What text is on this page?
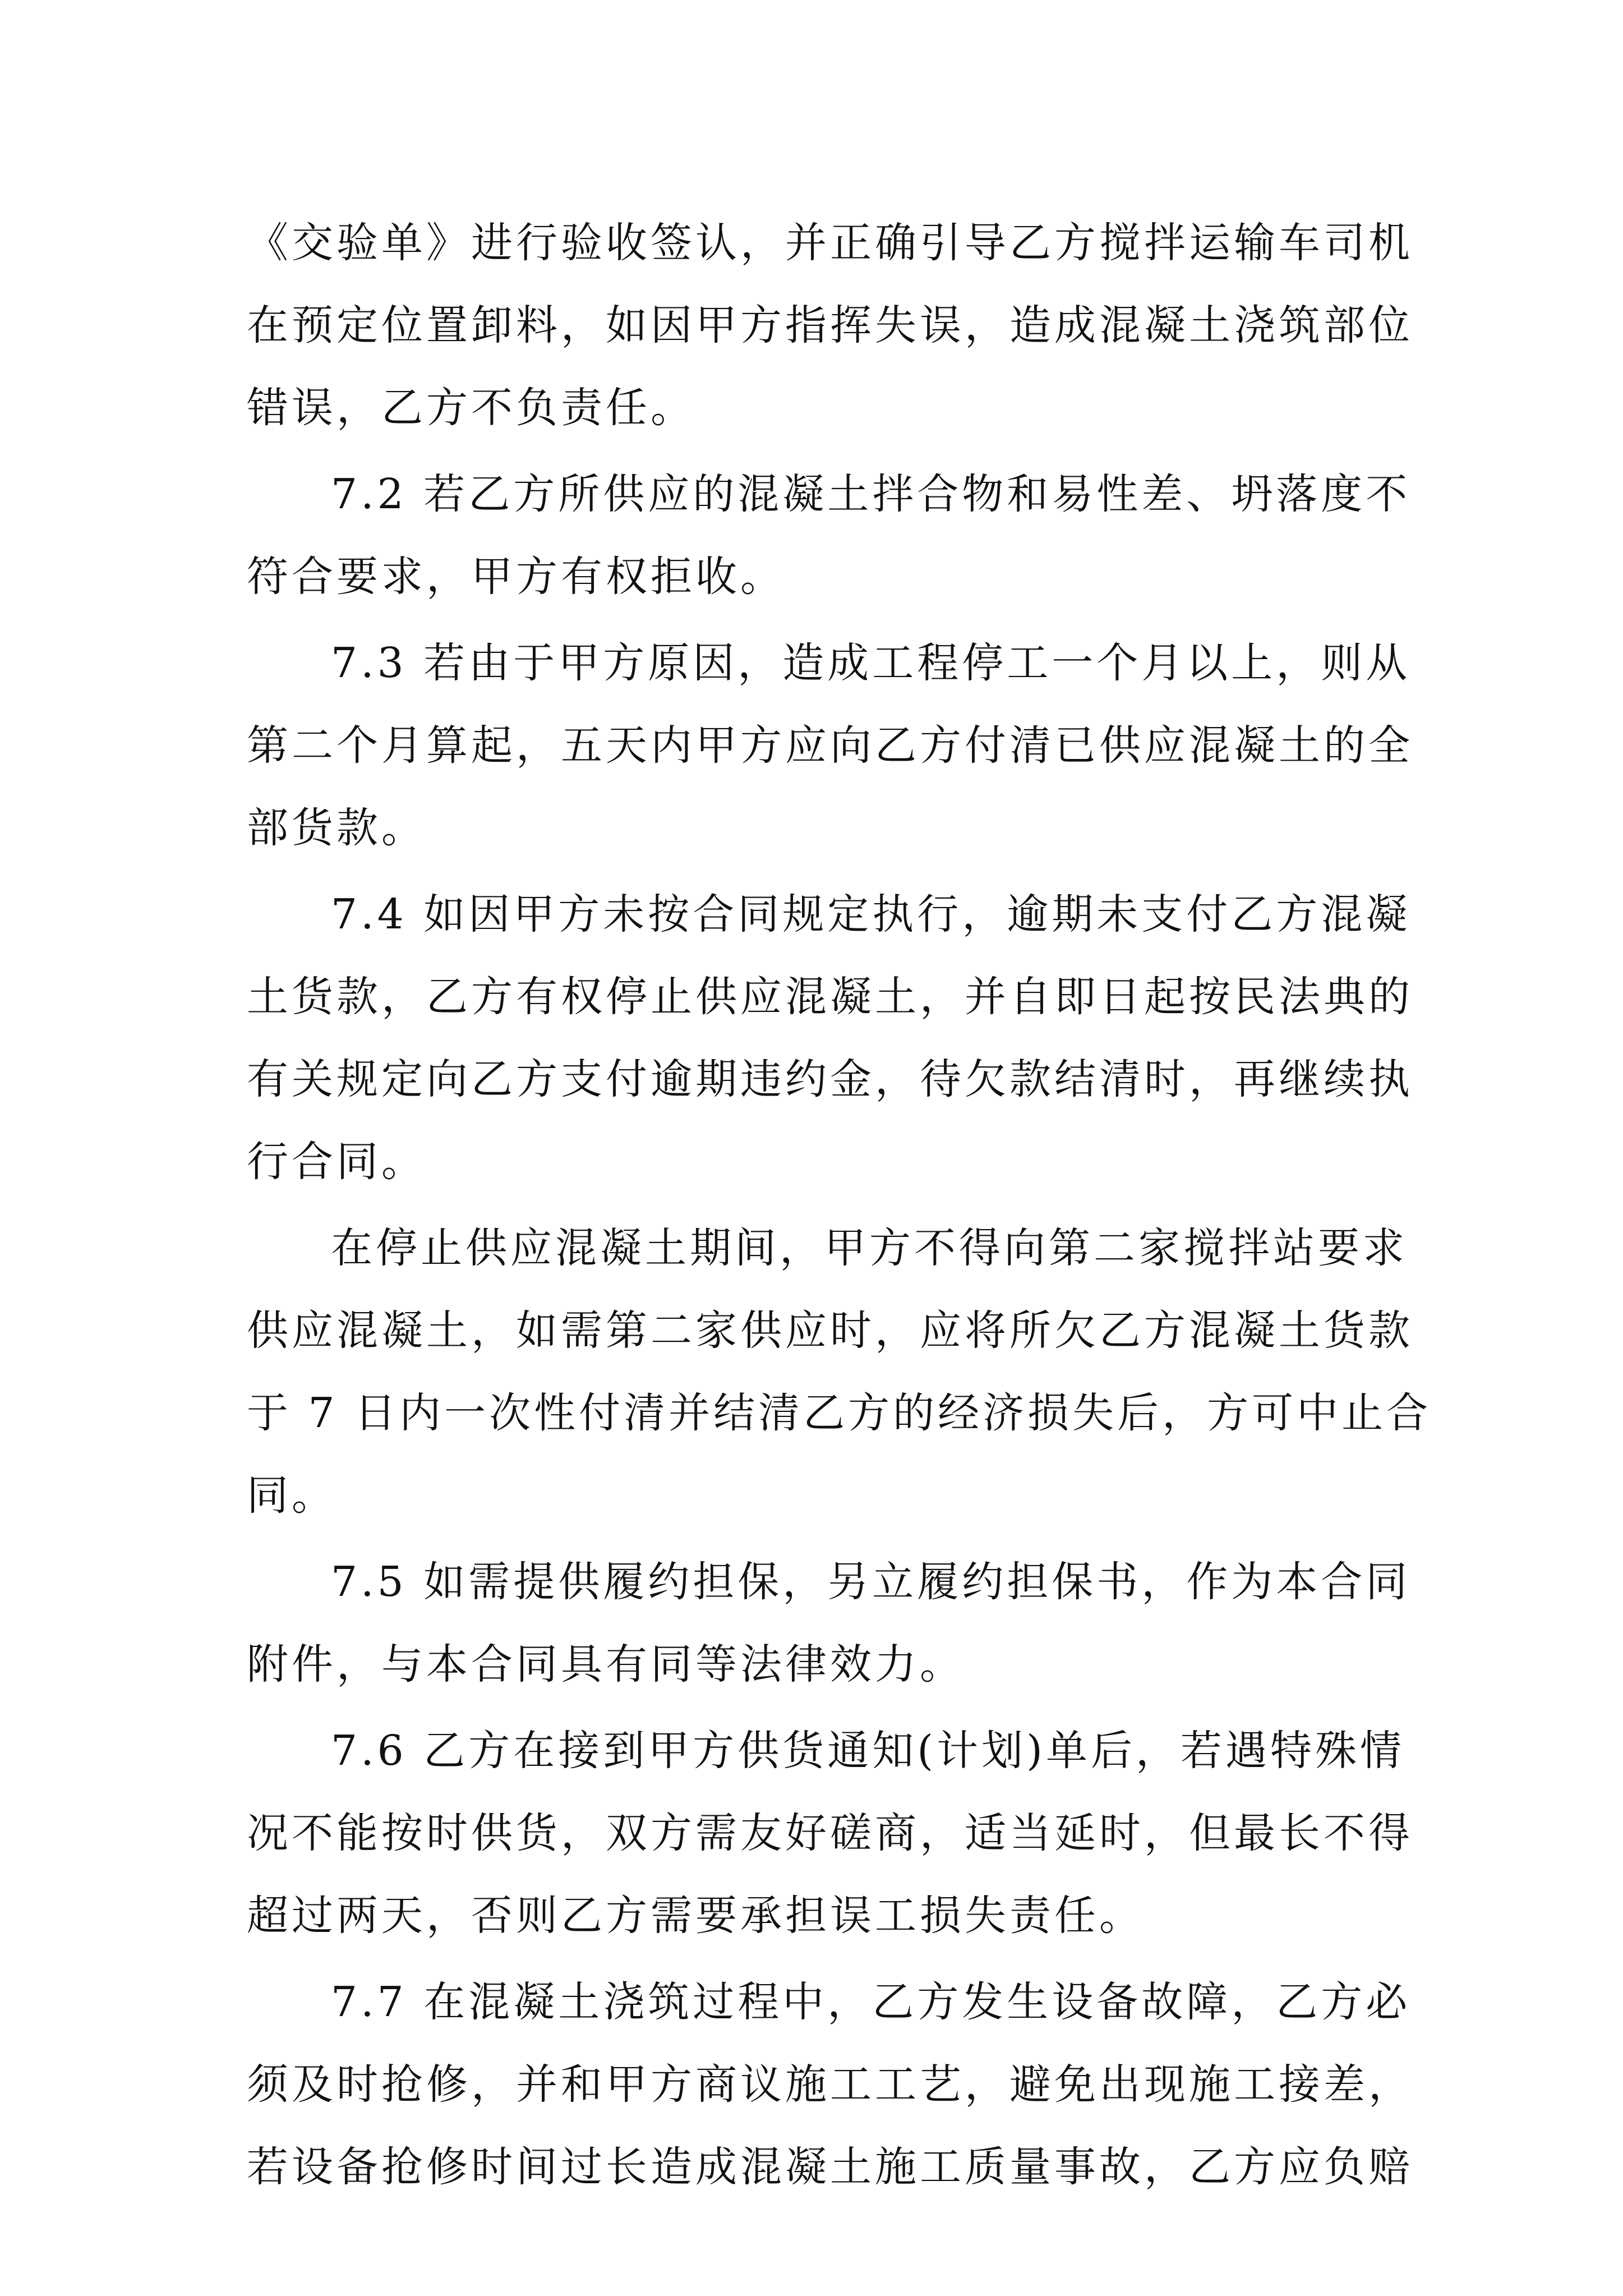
《交验单》进行验收签认，并正确引导乙方搅拌运输车司机
在预定位置卸料，如因甲方指挥失误，造成混凝土浇筑部位
错误，乙方不负责任。
7.2 若乙方所供应的混凝土拌合物和易性差、坍落度不
符合要求，甲方有权拒收。
7.3 若由于甲方原因，造成工程停工一个月以上，则从
第二个月算起，五天内甲方应向乙方付清已供应混凝土的全
部货款。
7.4 如因甲方未按合同规定执行，逾期未支付乙方混凝
土货款，乙方有权停止供应混凝土，并自即日起按民法典的
有关规定向乙方支付逾期违约金，待欠款结清时，再继续执
行合同。
在停止供应混凝土期间，甲方不得向第二家搅拌站要求
供应混凝土，如需第二家供应时，应将所欠乙方混凝土货款
于 7 日内一次性付清并结清乙方的经济损失后，方可中止合
同。
7.5 如需提供履约担保，另立履约担保书，作为本合同
附件，与本合同具有同等法律效力。
7.6 乙方在接到甲方供货通知(计划)单后，若遇特殊情
况不能按时供货，双方需友好磋商，适当延时，但最长不得
超过两天，否则乙方需要承担误工损失责任。
7.7 在混凝土浇筑过程中，乙方发生设备故障，乙方必
须及时抢修，并和甲方商议施工工艺，避免出现施工接差，
若设备抢修时间过长造成混凝土施工质量事故，乙方应负赔
